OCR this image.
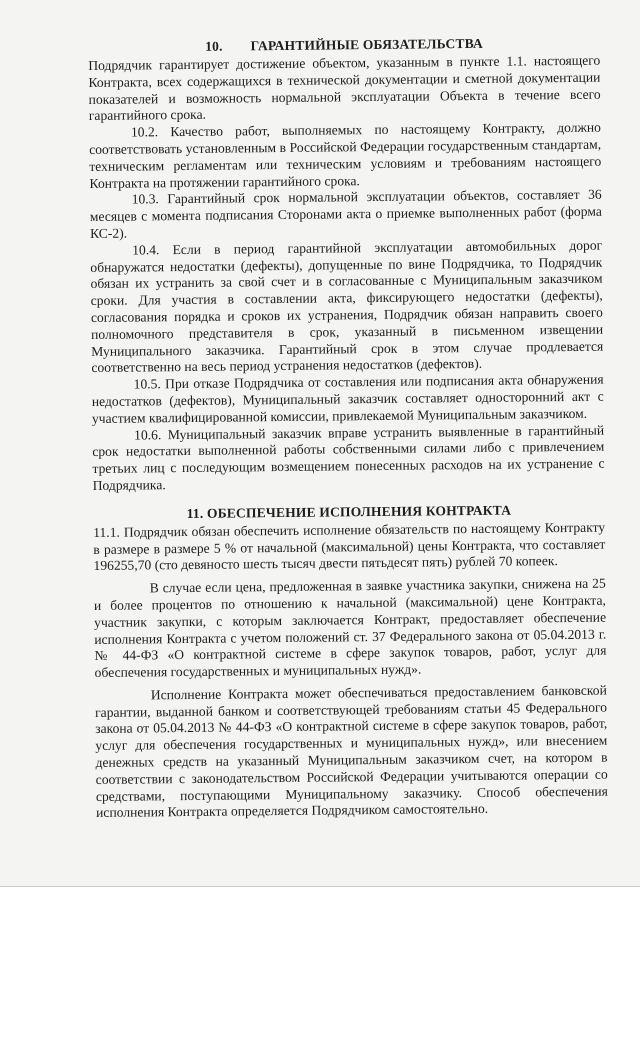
10. ГАРАНТИЙНЫЕ ОБЯЗАТЕЛЬСТВА

Подрядчик гарантирует достижение объектом, указанным в пункте 1.1. настоящего Контракта, всех содержащихся в технической документации и сметной документации показателей и возможность нормальной эксплуатации Объекта в течение всего гарантийного срока.

10.2. Качество работ, выполняемых по настоящему Контракту, должно соответствовать установленным в Российской Федерации государственным стандартам, техническим регламентам или техническим условиям и требованиям настоящего Контракта на протяжении гарантийного срока.

10.3. Гарантийный срок нормальной эксплуатации объектов, составляет 36 месяцев с момента подписания Сторонами акта о приемке выполненных работ (форма КС-2).

10.4. Если в период гарантийной эксплуатации автомобильных дорог обнаружатся недостатки (дефекты), допущенные по вине Подрядчика, то Подрядчик обязан их устранить за свой счет и в согласованные с Муниципальным заказчиком сроки. Для участия в составлении акта, фиксирующего недостатки (дефекты), согласования порядка и сроков их устранения, Подрядчик обязан направить своего полномочного представителя в срок, указанный в письменном извещении Муниципального заказчика. Гарантийный срок в этом случае продлевается соответственно на весь период устранения недостатков (дефектов).

10.5. При отказе Подрядчика от составления или подписания акта обнаружения недостатков (дефектов), Муниципальный заказчик составляет односторонний акт с участием квалифицированной комиссии, привлекаемой Муниципальным заказчиком.

10.6. Муниципальный заказчик вправе устранить выявленные в гарантийный срок недостатки выполненной работы собственными силами либо с привлечением третьих лиц с последующим возмещением понесенных расходов на их устранение с Подрядчика.

11. ОБЕСПЕЧЕНИЕ ИСПОЛНЕНИЯ КОНТРАКТА

11.1. Подрядчик обязан обеспечить исполнение обязательств по настоящему Контракту в размере в размере 5 % от начальной (максимальной) цены Контракта, что составляет 196255,70 (сто девяносто шесть тысяч двести пятьдесят пять) рублей 70 копеек.

В случае если цена, предложенная в заявке участника закупки, снижена на 25 и более процентов по отношению к начальной (максимальной) цене Контракта, участник закупки, с которым заключается Контракт, предоставляет обеспечение исполнения Контракта с учетом положений ст. 37 Федерального закона от 05.04.2013 г. № 44-ФЗ «О контрактной системе в сфере закупок товаров, работ, услуг для обеспечения государственных и муниципальных нужд».

Исполнение Контракта может обеспечиваться предоставлением банковской гарантии, выданной банком и соответствующей требованиям статьи 45 Федерального закона от 05.04.2013 № 44-ФЗ «О контрактной системе в сфере закупок товаров, работ, услуг для обеспечения государственных и муниципальных нужд», или внесением денежных средств на указанный Муниципальным заказчиком счет, на котором в соответствии с законодательством Российской Федерации учитываются операции со средствами, поступающими Муниципальному заказчику. Способ обеспечения исполнения Контракта определяется Подрядчиком самостоятельно.
